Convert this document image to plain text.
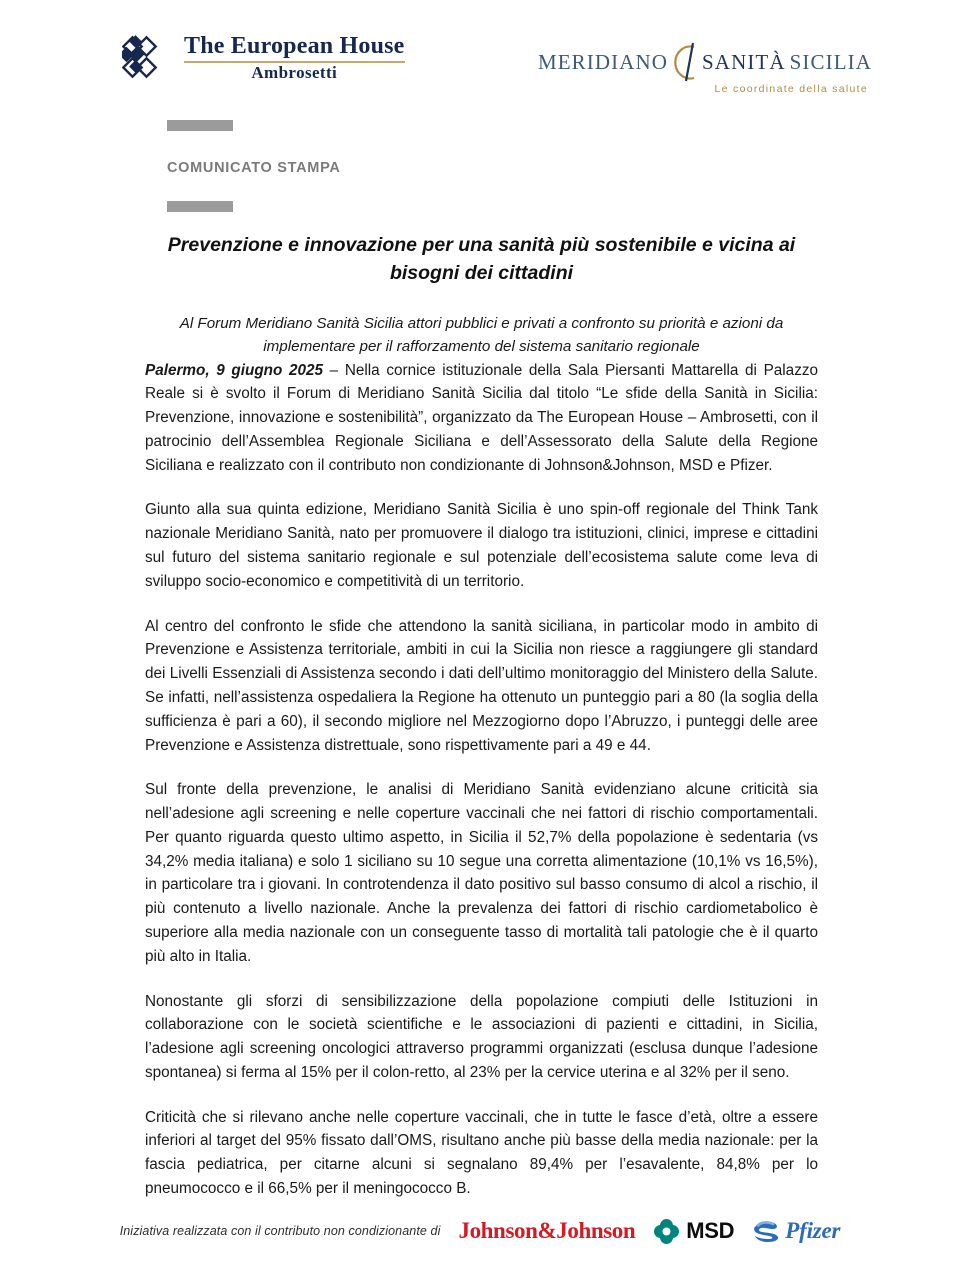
The European House
Ambrosetti	MERIDIANO SANITÀ SICILIA
Le coordinate della salute
COMUNICATO STAMPA
Prevenzione e innovazione per una sanità più sostenibile e vicina ai bisogni dei cittadini
Al Forum Meridiano Sanità Sicilia attori pubblici e privati a confronto su priorità e azioni da implementare per il rafforzamento del sistema sanitario regionale

Palermo, 9 giugno 2025 – Nella cornice istituzionale della Sala Piersanti Mattarella di Palazzo Reale si è svolto il Forum di Meridiano Sanità Sicilia dal titolo “Le sfide della Sanità in Sicilia: Prevenzione, innovazione e sostenibilità”, organizzato da The European House – Ambrosetti, con il patrocinio dell’Assemblea Regionale Siciliana e dell’Assessorato della Salute della Regione Siciliana e realizzato con il contributo non condizionante di Johnson&Johnson, MSD e Pfizer.

Giunto alla sua quinta edizione, Meridiano Sanità Sicilia è uno spin-off regionale del Think Tank nazionale Meridiano Sanità, nato per promuovere il dialogo tra istituzioni, clinici, imprese e cittadini sul futuro del sistema sanitario regionale e sul potenziale dell’ecosistema salute come leva di sviluppo socio-economico e competitività di un territorio.

Al centro del confronto le sfide che attendono la sanità siciliana, in particolar modo in ambito di Prevenzione e Assistenza territoriale, ambiti in cui la Sicilia non riesce a raggiungere gli standard dei Livelli Essenziali di Assistenza secondo i dati dell’ultimo monitoraggio del Ministero della Salute. Se infatti, nell’assistenza ospedaliera la Regione ha ottenuto un punteggio pari a 80 (la soglia della sufficienza è pari a 60), il secondo migliore nel Mezzogiorno dopo l’Abruzzo, i punteggi delle aree Prevenzione e Assistenza distrettuale, sono rispettivamente pari a 49 e 44.

Sul fronte della prevenzione, le analisi di Meridiano Sanità evidenziano alcune criticità sia nell’adesione agli screening e nelle coperture vaccinali che nei fattori di rischio comportamentali. Per quanto riguarda questo ultimo aspetto, in Sicilia il 52,7% della popolazione è sedentaria (vs 34,2% media italiana) e solo 1 siciliano su 10 segue una corretta alimentazione (10,1% vs 16,5%), in particolare tra i giovani. In controtendenza il dato positivo sul basso consumo di alcol a rischio, il più contenuto a livello nazionale. Anche la prevalenza dei fattori di rischio cardiometabolico è superiore alla media nazionale con un conseguente tasso di mortalità tali patologie che è il quarto più alto in Italia.

Nonostante gli sforzi di sensibilizzazione della popolazione compiuti delle Istituzioni in collaborazione con le società scientifiche e le associazioni di pazienti e cittadini, in Sicilia, l’adesione agli screening oncologici attraverso programmi organizzati (esclusa dunque l’adesione spontanea) si ferma al 15% per il colon-retto, al 23% per la cervice uterina e al 32% per il seno.

Criticità che si rilevano anche nelle coperture vaccinali, che in tutte le fasce d’età, oltre a essere inferiori al target del 95% fissato dall’OMS, risultano anche più basse della media nazionale: per la fascia pediatrica, per citarne alcuni si segnalano 89,4% per l’esavalente, 84,8% per lo pneumococco e il 66,5% per il meningococco B.

Iniziativa realizzata con il contributo non condizionante di Johnson&Johnson MSD Pfizer
